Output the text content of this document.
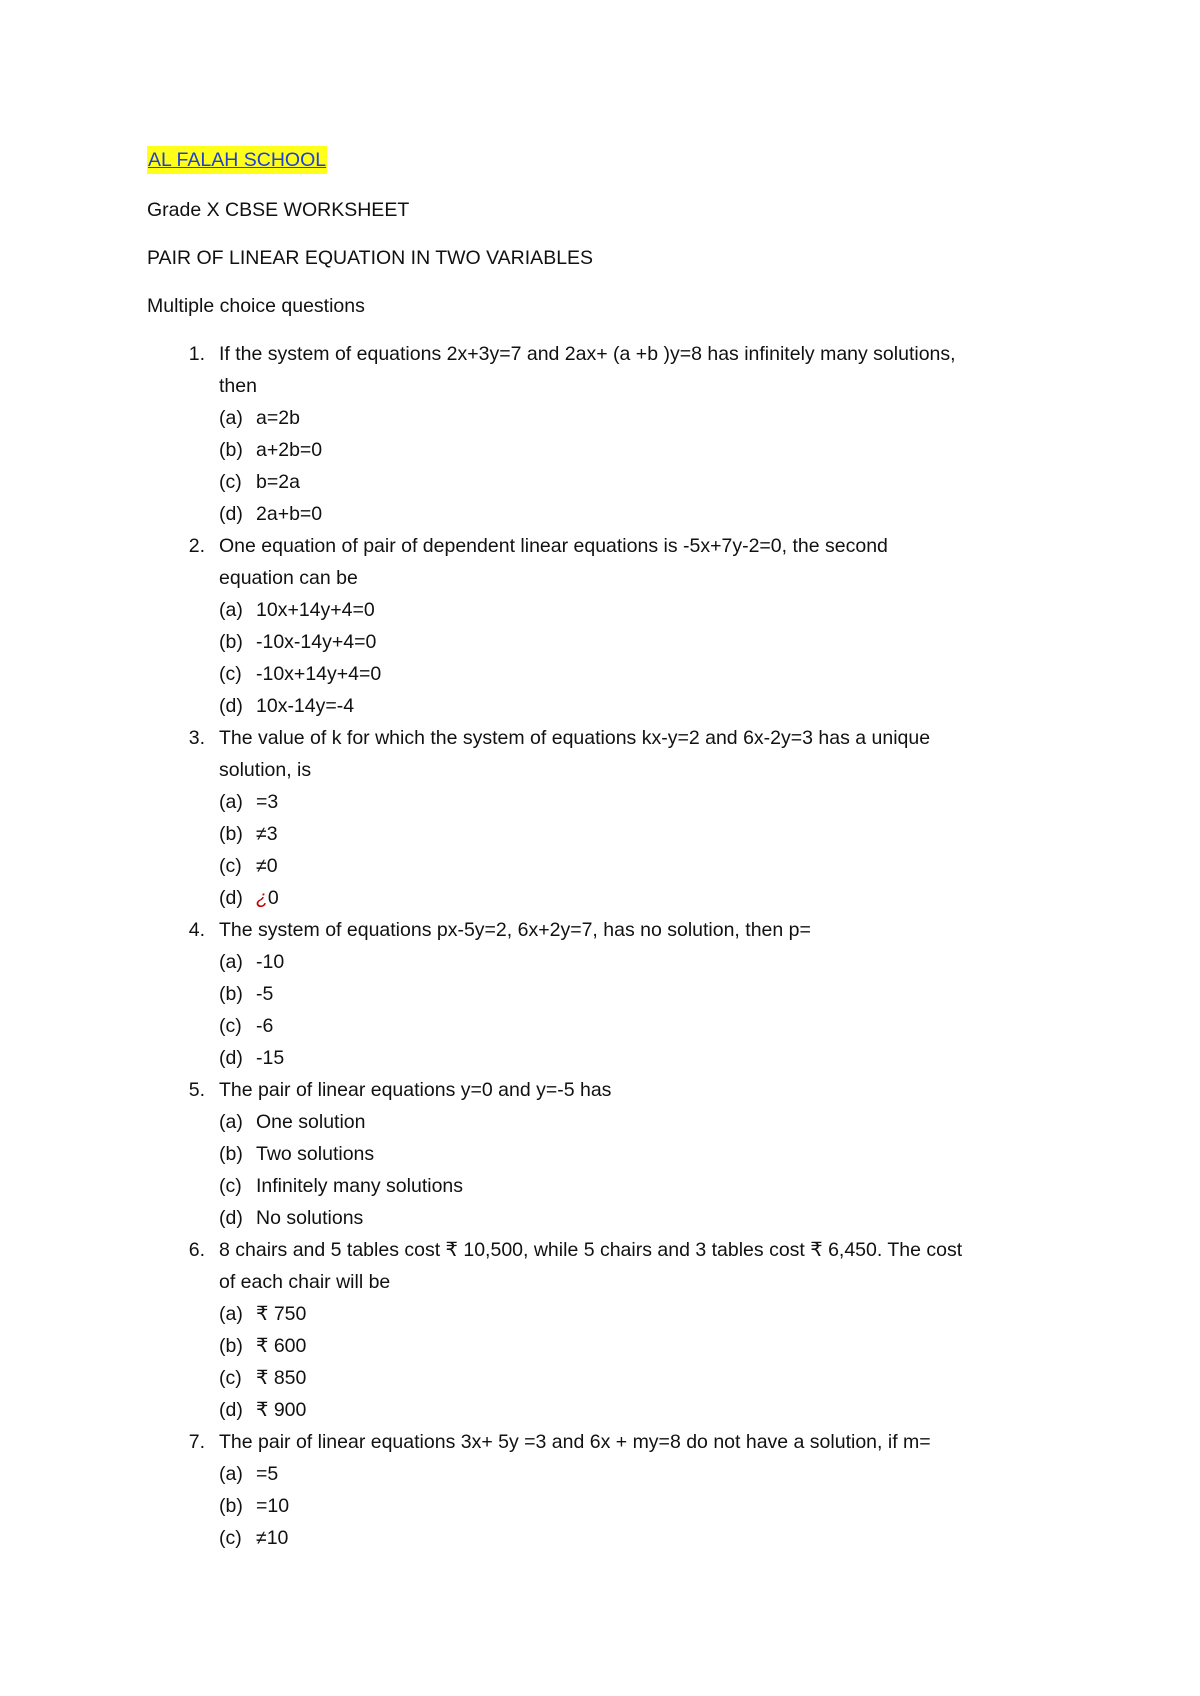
AL FALAH SCHOOL
Grade X CBSE WORKSHEET
PAIR OF LINEAR EQUATION IN TWO VARIABLES
Multiple choice questions
1. If the system of equations 2x+3y=7 and 2ax+ (a +b )y=8 has infinitely many solutions,
then
(a) a=2b
(b) a+2b=0
(c) b=2a
(d) 2a+b=0
2. One equation of pair of dependent linear equations is -5x+7y-2=0, the second
equation can be
(a) 10x+14y+4=0
(b) -10x-14y+4=0
(c) -10x+14y+4=0
(d) 10x-14y=-4
3. The value of k for which the system of equations kx-y=2 and 6x-2y=3 has a unique
solution, is
(a) =3
(b) ≠3
(c) ≠0
(d) ¿0
4. The system of equations px-5y=2, 6x+2y=7, has no solution, then p=
(a) -10
(b) -5
(c) -6
(d) -15
5. The pair of linear equations y=0 and y=-5 has
(a) One solution
(b) Two solutions
(c) Infinitely many solutions
(d) No solutions
6. 8 chairs and 5 tables cost ₹ 10,500, while 5 chairs and 3 tables cost ₹ 6,450. The cost
of each chair will be
(a) ₹ 750
(b) ₹ 600
(c) ₹ 850
(d) ₹ 900
7. The pair of linear equations 3x+ 5y =3 and 6x + my=8 do not have a solution, if m=
(a) =5
(b) =10
(c) ≠10
